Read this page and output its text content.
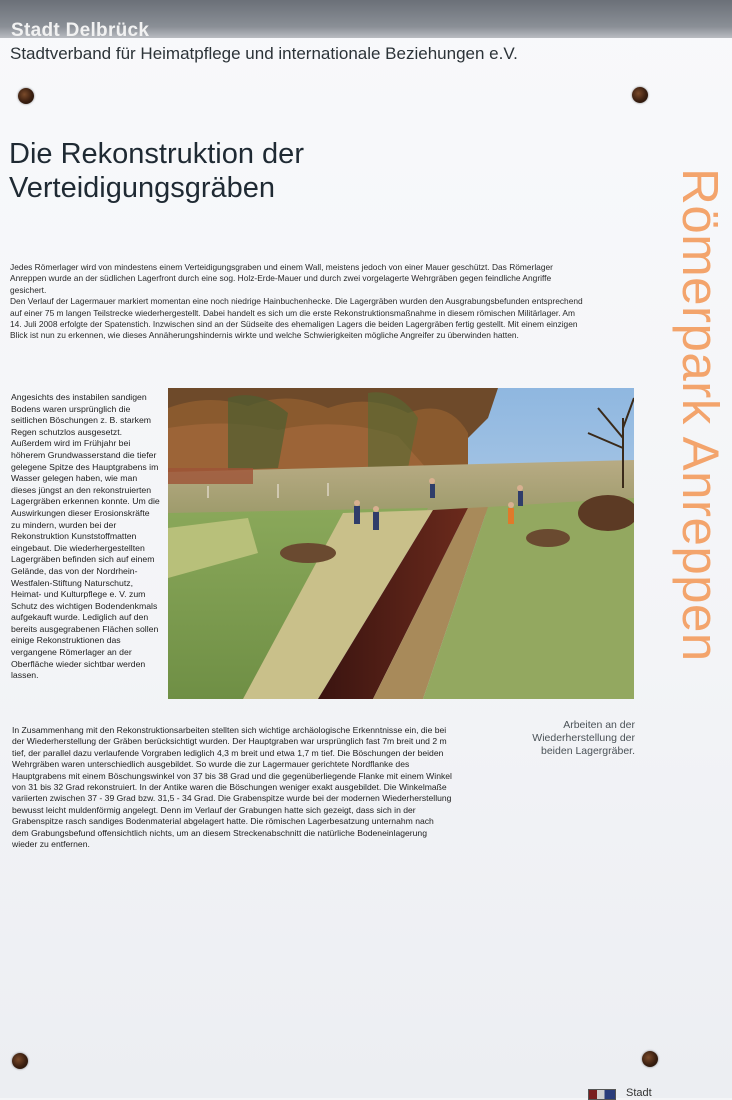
Stadt Delbrück
Stadtverband für Heimatpflege und internationale Beziehungen e.V.
Die Rekonstruktion der
Verteidigungsgräben

Jedes Römerlager wird von mindestens einem Verteidigungsgraben und einem Wall, meistens jedoch von einer Mauer geschützt. Das Römerlager Anreppen wurde an der südlichen Lagerfront durch eine sog. Holz-Erde-Mauer und durch zwei vorgelagerte Wehrgräben gegen feindliche Angriffe gesichert.

Den Verlauf der Lagermauer markiert momentan eine noch niedrige Hainbuchenhecke. Die Lagergräben wurden den Ausgrabungsbefunden entsprechend auf einer 75 m langen Teilstrecke wiederhergestellt. Dabei handelt es sich um die erste Rekonstruktionsmaßnahme in diesem römischen Militärlager. Am 14. Juli 2008 erfolgte der Spatenstich. Inzwischen sind an der Südseite des ehemaligen Lagers die beiden Lagergräben fertig gestellt. Mit einem einzigen Blick ist nun zu erkennen, wie dieses Annäherungshindernis wirkte und welche Schwierigkeiten mögliche Angreifer zu überwinden hatten.

Angesichts des instabilen sandigen Bodens waren ursprünglich die seitlichen Böschungen z. B. starkem Regen schutzlos ausgesetzt. Außerdem wird im Frühjahr bei höherem Grundwasserstand die tiefer gelegene Spitze des Hauptgrabens im Wasser gelegen haben, wie man dieses jüngst an den rekonstruierten Lagergräben erkennen konnte. Um die Auswirkungen dieser Erosionskräfte zu mindern, wurden bei der Rekonstruktion Kunststoffmatten eingebaut. Die wiederhergestellten Lagergräben befinden sich auf einem Gelände, das von der Nordrhein-Westfalen-Stiftung Naturschutz, Heimat- und Kulturpflege e. V. zum Schutz des wichtigen Bodendenkmals aufgekauft wurde. Lediglich auf den bereits ausgegrabenen Flächen sollen einige Rekonstruktionen das vergangene Römerlager an der Oberfläche wieder sichtbar werden lassen.
Arbeiten an der
Wiederherstellung der
beiden Lagergräber.
In Zusammenhang mit den Rekonstruktionsarbeiten stellten sich wichtige archäologische Erkenntnisse ein, die bei der Wiederherstellung der Gräben berücksichtigt wurden. Der Hauptgraben war ursprünglich fast 7m breit und 2 m tief, der parallel dazu verlaufende Vorgraben lediglich 4,3 m breit und etwa 1,7 m tief. Die Böschungen der beiden Wehrgräben waren unterschiedlich ausgebildet. So wurde die zur Lagermauer gerichtete Nordflanke des Hauptgrabens mit einem Böschungswinkel von 37 bis 38 Grad und die gegenüberliegende Flanke mit einem Winkel von 31 bis 32 Grad rekonstruiert. In der Antike waren die Böschungen weniger exakt ausgebildet. Die Winkelmaße variierten zwischen 37 - 39 Grad bzw. 31,5 - 34 Grad. Die Grabenspitze wurde bei der modernen Wiederherstellung bewusst leicht muldenförmig angelegt. Denn im Verlauf der Grabungen hatte sich gezeigt, dass sich in der Grabenspitze rasch sandiges Bodenmaterial abgelagert hatte. Die römischen Lagerbesatzung unternahm nach dem Grabungsbefund offensichtlich nichts, um an diesem Streckenabschnitt die natürliche Bodeneinlagerung wieder zu entfernen.
Römerpark Anreppen
Stadt
